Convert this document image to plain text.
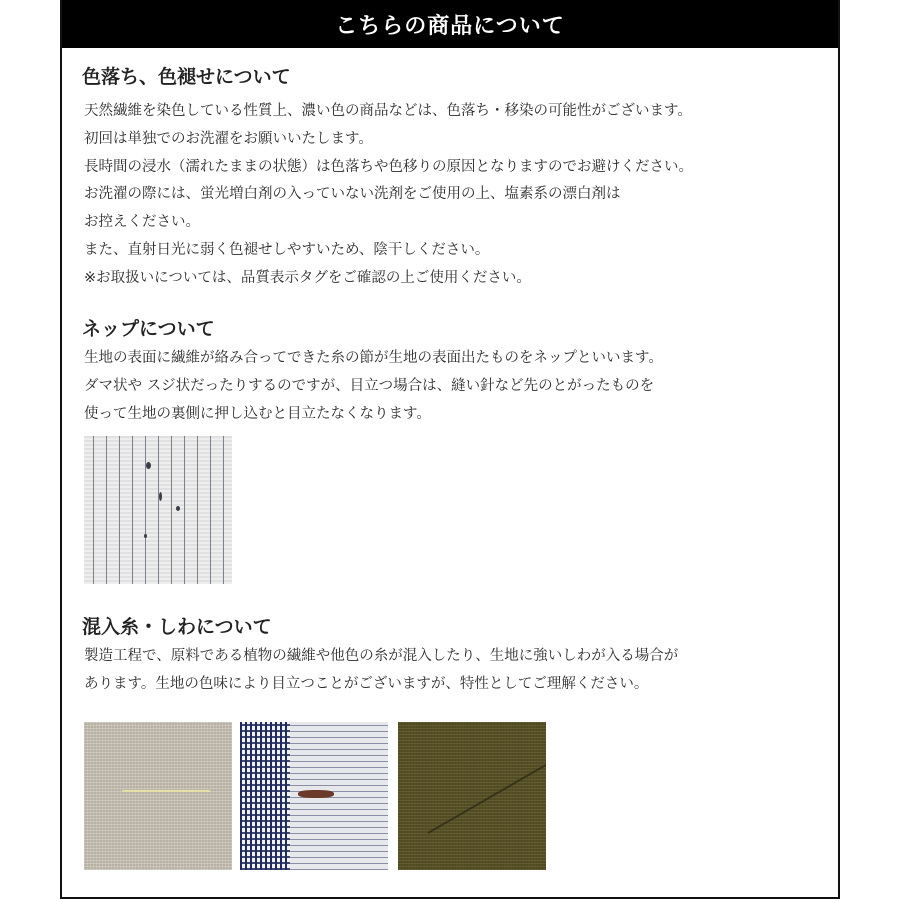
こちらの商品について
色落ち、色褪せについて
天然繊維を染色している性質上、濃い色の商品などは、色落ち・移染の可能性がございます。
初回は単独でのお洗濯をお願いいたします。
長時間の浸水（濡れたままの状態）は色落ちや色移りの原因となりますのでお避けください。
お洗濯の際には、蛍光増白剤の入っていない洗剤をご使用の上、塩素系の漂白剤は
お控えください。
また、直射日光に弱く色褪せしやすいため、陰干しください。
※お取扱いについては、品質表示タグをご確認の上ご使用ください。
ネップについて
生地の表面に繊維が絡み合ってできた糸の節が生地の表面出たものをネップといいます。
ダマ状や スジ状だったりするのですが、目立つ場合は、縫い針など先のとがったものを
使って生地の裏側に押し込むと目立たなくなります。
混入糸・しわについて
製造工程で、原料である植物の繊維や他色の糸が混入したり、生地に強いしわが入る場合が
あります。生地の色味により目立つことがございますが、特性としてご理解ください。
